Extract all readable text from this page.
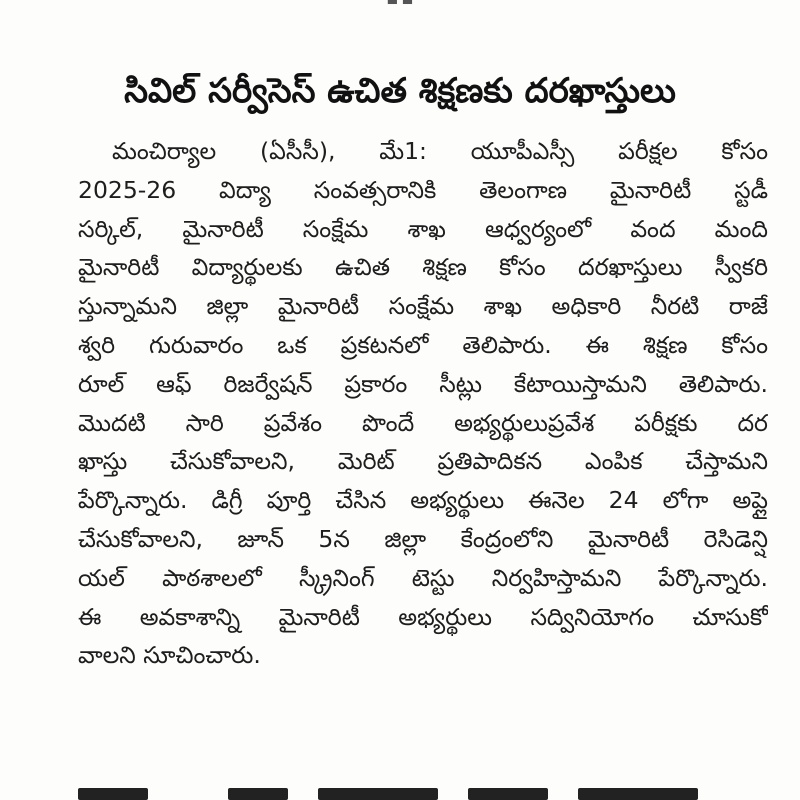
సివిల్ సర్వీసెస్ ఉచిత శిక్షణకు దరఖాస్తులు
మంచిర్యాల (ఏసీసీ), మే1: యూపీఎస్సీ పరీక్షల కోసం
2025-26 విద్యా సంవత్సరానికి తెలంగాణ మైనారిటీ స్టడీ
సర్కిల్, మైనారిటీ సంక్షేమ శాఖ ఆధ్వర్యంలో వంద మంది
మైనారిటీ విద్యార్థులకు ఉచిత శిక్షణ కోసం దరఖాస్తులు స్వీకరి
స్తున్నామని జిల్లా మైనారిటీ సంక్షేమ శాఖ అధికారి నీరటి రాజే
శ్వరి గురువారం ఒక ప్రకటనలో తెలిపారు. ఈ శిక్షణ కోసం
రూల్ ఆఫ్ రిజర్వేషన్ ప్రకారం సీట్లు కేటాయిస్తామని తెలిపారు.
మొదటి సారి ప్రవేశం పొందే అభ్యర్థులుప్రవేశ పరీక్షకు దర
ఖాస్తు చేసుకోవాలని, మెరిట్ ప్రతిపాదికన ఎంపిక చేస్తామని
పేర్కొన్నారు. డిగ్రీ పూర్తి చేసిన అభ్యర్థులు ఈనెల 24 లోగా అప్లై
చేసుకోవాలని, జూన్ 5న జిల్లా కేంద్రంలోని మైనారిటీ రెసిడెన్షి
యల్ పాఠశాలలో స్క్రీనింగ్ టెస్టు నిర్వహిస్తామని పేర్కొన్నారు.
ఈ అవకాశాన్ని మైనారిటీ అభ్యర్థులు సద్వినియోగం చూసుకో
వాలని సూచించారు.
